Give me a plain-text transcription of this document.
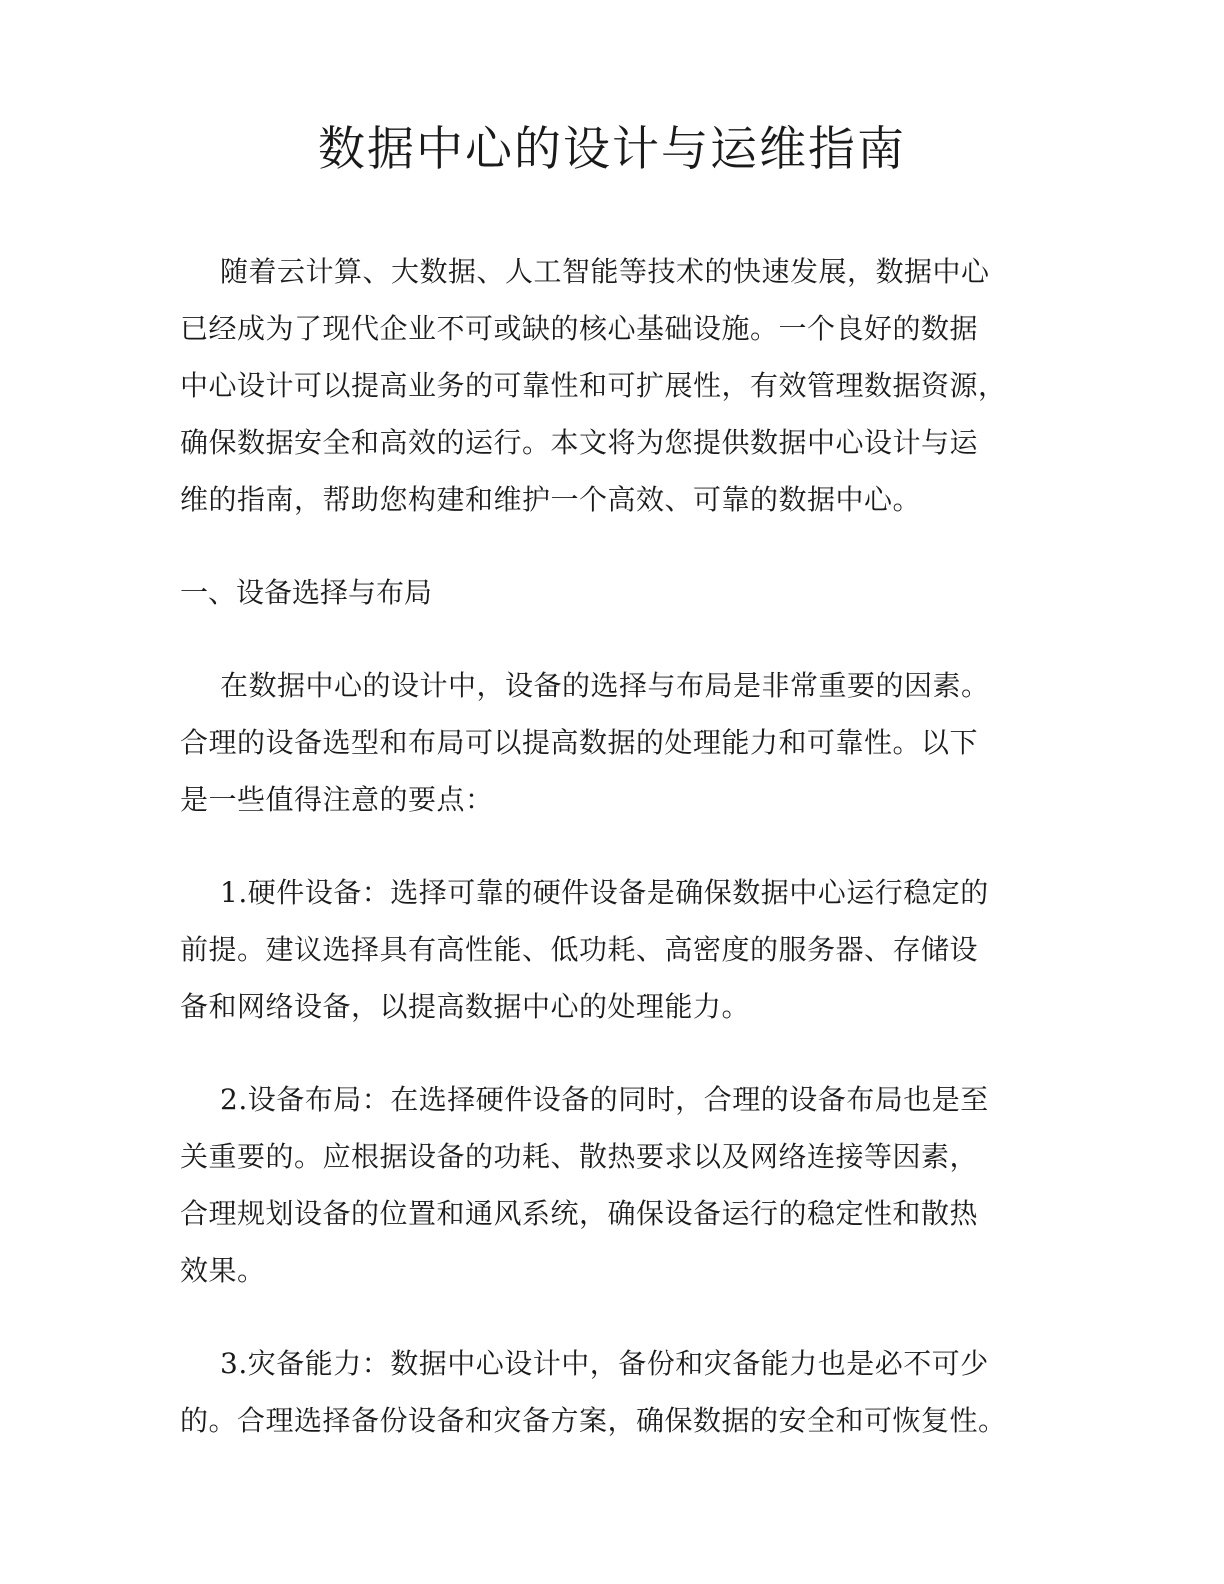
数据中心的设计与运维指南

随着云计算、大数据、人工智能等技术的快速发展，数据中心
已经成为了现代企业不可或缺的核心基础设施。一个良好的数据
中心设计可以提高业务的可靠性和可扩展性，有效管理数据资源，
确保数据安全和高效的运行。本文将为您提供数据中心设计与运
维的指南，帮助您构建和维护一个高效、可靠的数据中心。

一、设备选择与布局

在数据中心的设计中，设备的选择与布局是非常重要的因素。
合理的设备选型和布局可以提高数据的处理能力和可靠性。以下
是一些值得注意的要点：

1.硬件设备：选择可靠的硬件设备是确保数据中心运行稳定的
前提。建议选择具有高性能、低功耗、高密度的服务器、存储设
备和网络设备，以提高数据中心的处理能力。

2.设备布局：在选择硬件设备的同时，合理的设备布局也是至
关重要的。应根据设备的功耗、散热要求以及网络连接等因素，
合理规划设备的位置和通风系统，确保设备运行的稳定性和散热
效果。

3.灾备能力：数据中心设计中，备份和灾备能力也是必不可少
的。合理选择备份设备和灾备方案，确保数据的安全和可恢复性。
